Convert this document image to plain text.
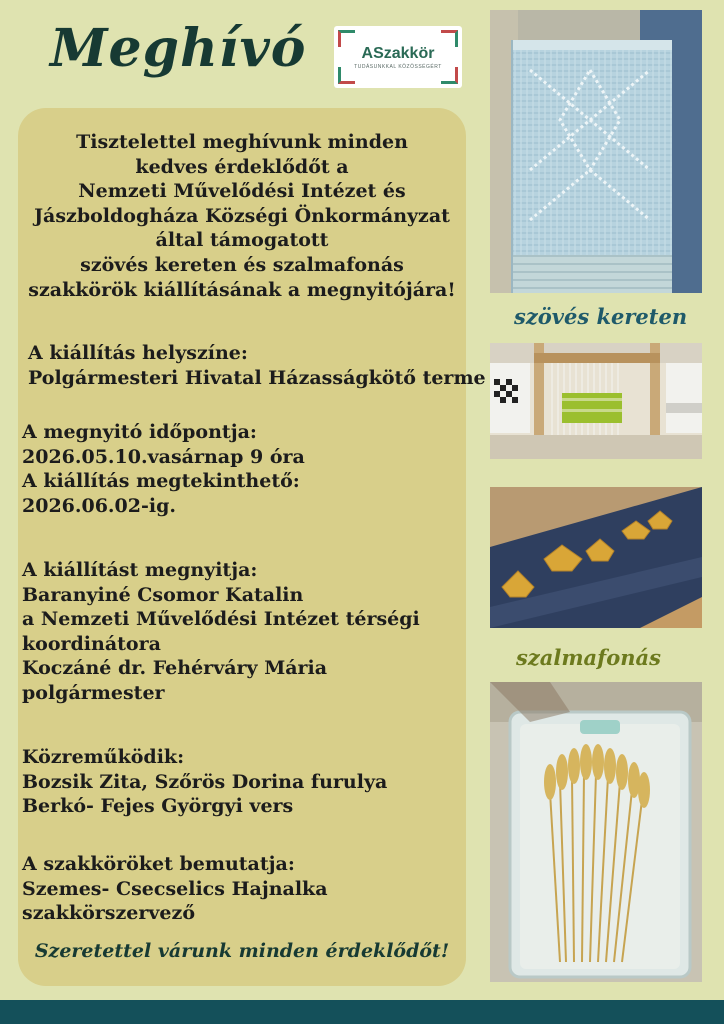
Meghívó	ASzakkör
TUDÁSUNKKAL KÖZÖSSÉGÉRT
Tisztelettel meghívunk minden
kedves érdeklődőt a
Nemzeti Művelődési Intézet és
Jászboldogháza Községi Önkormányzat
által támogatott
szövés kereten és szalmafonás
szakkörök kiállításának a megnyitójára!
A kiállítás helyszíne:
Polgármesteri Hivatal Házasságkötő terme
A megnyitó időpontja:
2026.05.10.vasárnap 9 óra
A kiállítás megtekinthető:
2026.06.02-ig.
A kiállítást megnyitja:
Baranyiné Csomor Katalin
a Nemzeti Művelődési Intézet térségi
koordinátora
Koczáné dr. Fehérváry Mária
polgármester
Közreműködik:
Bozsik Zita, Szőrös Dorina furulya
Berkó- Fejes Györgyi vers
A szakköröket bemutatja:
Szemes- Csecselics Hajnalka
szakkörszervező
Szeretettel várunk minden érdeklődőt!
szövés kereten
szalmafonás
